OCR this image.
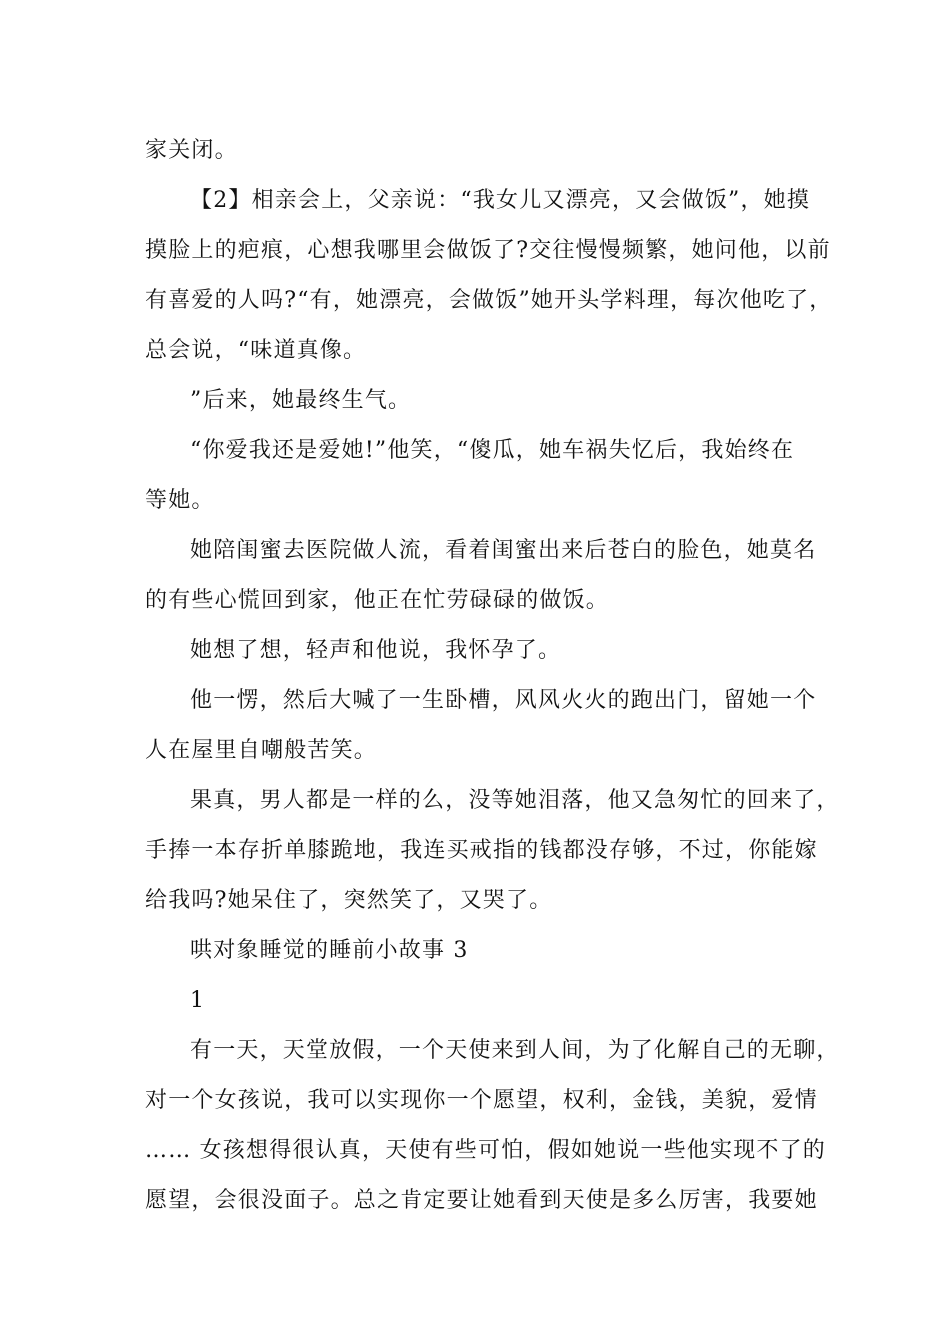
家关闭。
【2】相亲会上，父亲说：“我女儿又漂亮，又会做饭”，她摸
摸脸上的疤痕，心想我哪里会做饭了?交往慢慢频繁，她问他，以前
有喜爱的人吗?“有，她漂亮，会做饭”她开头学料理，每次他吃了，
总会说，“味道真像。
”后来，她最终生气。
“你爱我还是爱她!”他笑，“傻瓜，她车祸失忆后，我始终在
等她。
她陪闺蜜去医院做人流，看着闺蜜出来后苍白的脸色，她莫名
的有些心慌回到家，他正在忙劳碌碌的做饭。
她想了想，轻声和他说，我怀孕了。
他一愣，然后大喊了一生卧槽，风风火火的跑出门，留她一个
人在屋里自嘲般苦笑。
果真，男人都是一样的么，没等她泪落，他又急匆忙的回来了，
手捧一本存折单膝跪地，我连买戒指的钱都没存够，不过，你能嫁
给我吗?她呆住了，突然笑了，又哭了。
哄对象睡觉的睡前小故事 3
1
有一天，天堂放假，一个天使来到人间，为了化解自己的无聊，
对一个女孩说，我可以实现你一个愿望，权利，金钱，美貌，爱情
…… 女孩想得很认真，天使有些可怕，假如她说一些他实现不了的
愿望，会很没面子。总之肯定要让她看到天使是多么厉害，我要她
